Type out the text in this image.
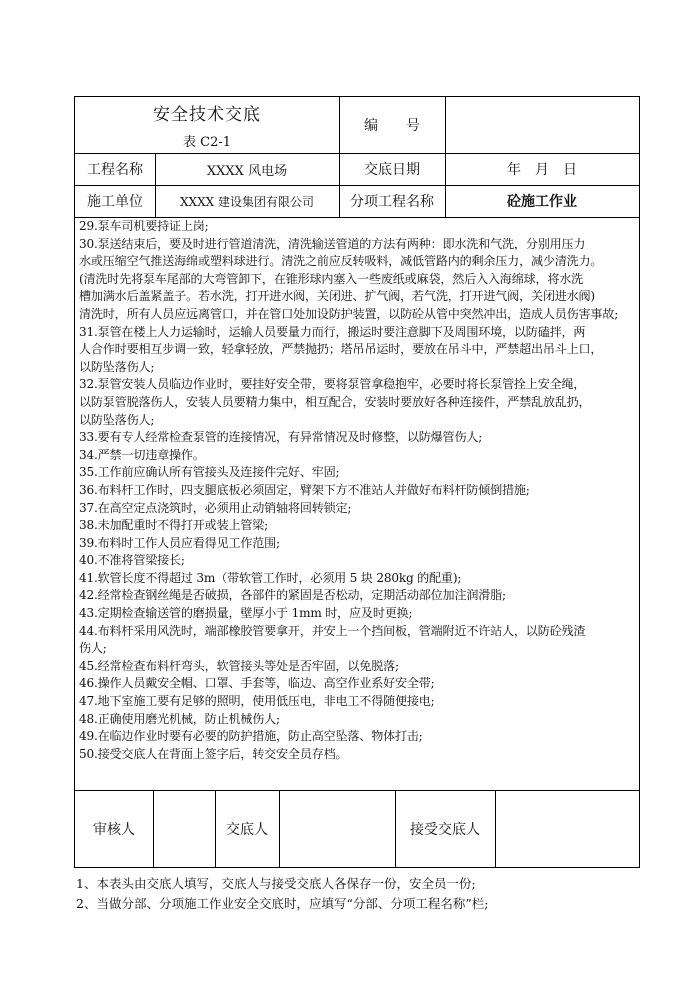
安全技术交底
表 C2-1
编　　号
工程名称	XXXX 风电场	交底日期	年　月　日
施工单位	XXXX 建设集团有限公司	分项工程名称	砼施工作业

29.泵车司机要持证上岗;

30.泵送结束后，要及时进行管道清洗，清洗输送管道的方法有两种：即水洗和气洗，分别用压力

水或压缩空气推送海绵或塑料球进行。清洗之前应反转吸料，减低管路内的剩余压力，减少清洗力。

(清洗时先将泵车尾部的大弯管卸下，在锥形球内塞入一些废纸或麻袋，然后入入海绵球，将水洗

槽加满水后盖紧盖子。若水洗，打开进水阀，关闭进、扩气阀，若气洗，打开进气阀，关闭进水阀)

清洗时，所有人员应远离管口，并在管口处加设防护装置，以防砼从管中突然冲出，造成人员伤害事故;

31.泵管在楼上人力运输时，运输人员要量力而行，搬运时要注意脚下及周围环境，以防磕拌，两

人合作时要相互步调一致，轻拿轻放，严禁抛扔；塔吊吊运时，要放在吊斗中，严禁超出吊斗上口，

以防坠落伤人;

32.泵管安装人员临边作业时，要挂好安全带，要将泵管拿稳抱牢，必要时将长泵管拴上安全绳，

以防泵管脱落伤人，安装人员要精力集中，相互配合，安装时要放好各种连接件，严禁乱放乱扔，

以防坠落伤人;

33.要有专人经常检查泵管的连接情况，有异常情况及时修整，以防爆管伤人;

34.严禁一切违章操作。

35.工作前应确认所有管接头及连接件完好、牢固;

36.布料杆工作时，四支腿底板必须固定，臂架下方不准站人并做好布料杆防倾倒措施;

37.在高空定点浇筑时，必须用止动销轴将回转锁定;

38.未加配重时不得打开或装上管梁;

39.布料时工作人员应看得见工作范围;

40.不准将管梁接长;

41.软管长度不得超过 3m（带软管工作时，必须用 5 块 280kg 的配重);

42.经常检查钢丝绳是否破损，各部件的紧固是否松动，定期活动部位加注润滑脂;

43.定期检查输送管的磨损量，壁厚小于 1mm 时，应及时更换;

44.布料杆采用风洗时，端部橡胶管要拿开，并安上一个挡间板，管端附近不许站人，以防砼残渣

伤人;

45.经常检查布料杆弯头，软管接头等处是否牢固，以免脱落;

46.操作人员戴安全帽、口罩、手套等，临边、高空作业系好安全带;

47.地下室施工要有足够的照明，使用低压电，非电工不得随便接电;

48.正确使用磨光机械，防止机械伤人;

49.在临边作业时要有必要的防护措施，防止高空坠落、物体打击;

50.接受交底人在背面上签字后，转交安全员存档。

审核人	交底人	接受交底人
1、本表头由交底人填写，交底人与接受交底人各保存一份，安全员一份;
2、当做分部、分项施工作业安全交底时，应填写“分部、分项工程名称”栏;
